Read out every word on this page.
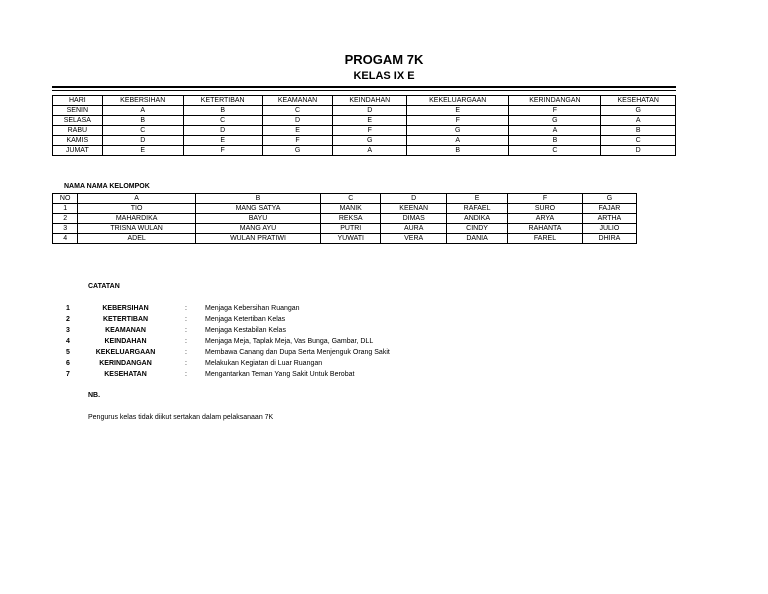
PROGAM 7K
KELAS IX E
HARI	KEBERSIHAN	KETERTIBAN	KEAMANAN	KEINDAHAN	KEKELUARGAAN	KERINDANGAN	KESEHATAN
SENIN	A	B	C	D	E	F	G
SELASA	B	C	D	E	F	G	A
RABU	C	D	E	F	G	A	B
KAMIS	D	E	F	G	A	B	C
JUMAT	E	F	G	A	B	C	D
NAMA NAMA KELOMPOK
NO	A	B	C	D	E	F	G
1	TIO	MANG SATYA	MANIK	KEENAN	RAFAEL	SURO	FAJAR
2	MAHARDIKA	BAYU	REKSA	DIMAS	ANDIKA	ARYA	ARTHA
3	TRISNA WULAN	MANG AYU	PUTRI	AURA	CINDY	RAHANTA	JULIO
4	ADEL	WULAN PRATIWI	YUWATI	VERA	DANIA	FAREL	DHIRA
CATATAN
1	KEBERSIHAN	:	Menjaga Kebersihan Ruangan
2	KETERTIBAN	:	Menjaga Ketertiban Kelas
3	KEAMANAN	:	Menjaga Kestabilan Kelas
4	KEINDAHAN	:	Menjaga Meja, Taplak Meja, Vas Bunga, Gambar, DLL
5	KEKELUARGAAN	:	Membawa Canang dan Dupa Serta Menjenguk Orang Sakit
6	KERINDANGAN	:	Melakukan Kegiatan di Luar Ruangan
7	KESEHATAN	:	Mengantarkan Teman Yang Sakit Untuk Berobat
NB.
Pengurus kelas tidak diikut sertakan dalam pelaksanaan 7K
